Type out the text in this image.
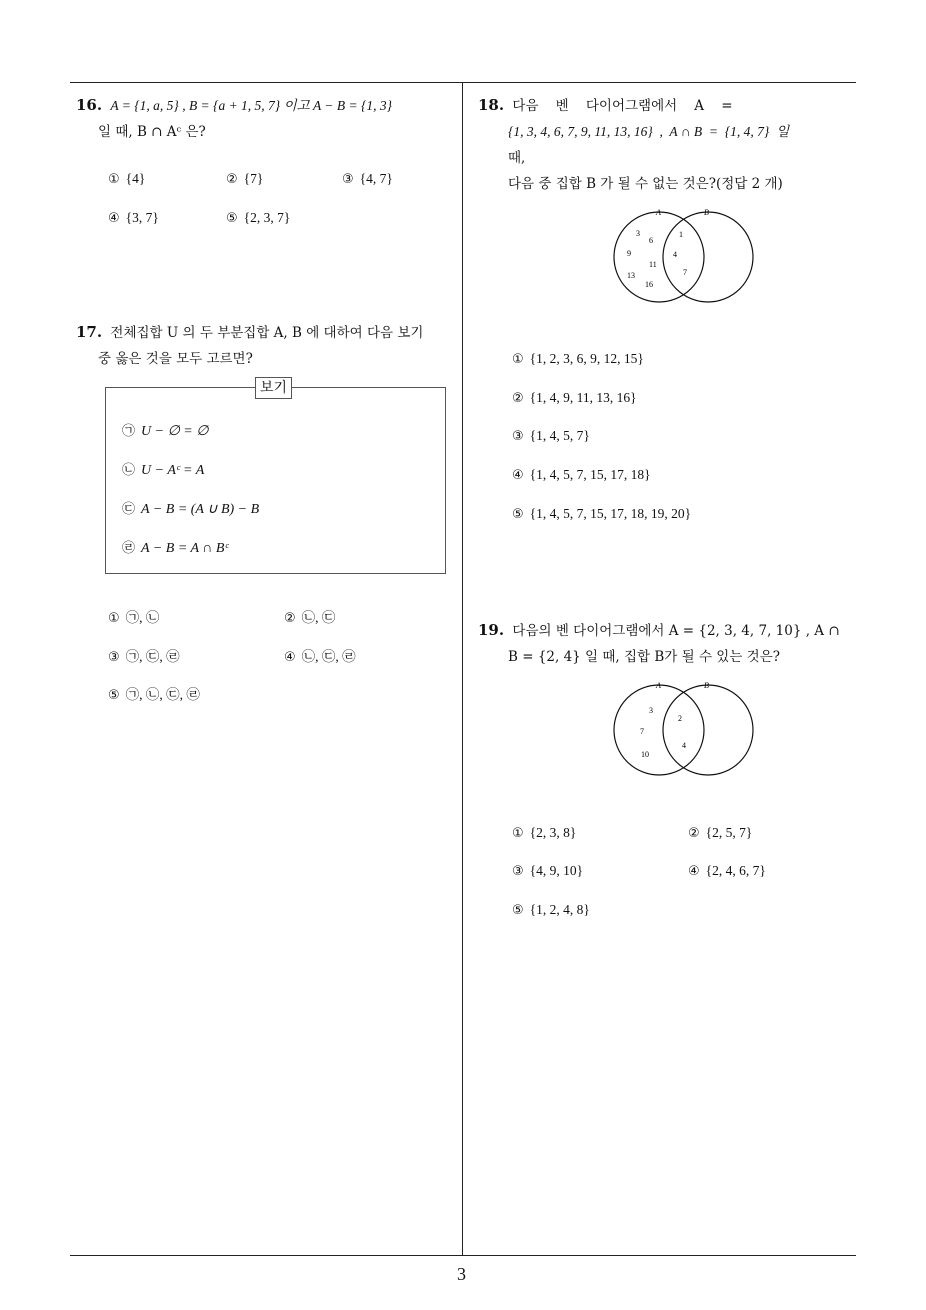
3
16. A = {1, a, 5} , B = {a + 1, 5, 7} 이고 A − B = {1, 3}
일 때, B ∩ Aᶜ 은?
① {4}	② {7}	③ {4, 7}
④ {3, 7}	⑤ {2, 3, 7}
17. 전체집합 U 의 두 부분집합 A, B 에 대하여 다음 보기
중 옳은 것을 모두 고르면?
보기
㉠ U − ∅ = ∅
㉡ U − Aᶜ = A
㉢ A − B = (A ∪ B) − B
㉣ A − B = A ∩ Bᶜ
① ㉠, ㉡	② ㉡, ㉢
③ ㉠, ㉢, ㉣	④ ㉡, ㉢, ㉣
⑤ ㉠, ㉡, ㉢, ㉣
18. 다음    벤    다이어그램에서    A    =
{1, 3, 4, 6, 7, 9, 11, 13, 16}  ,  A ∩ B  =  {1, 4, 7}  일
때,
다음 중 집합 B 가 될 수 없는 것은?(정답 2 개)
A	B
3
6
9
11
13
16
1
4
7
① {1, 2, 3, 6, 9, 12, 15}
② {1, 4, 9, 11, 13, 16}
③ {1, 4, 5, 7}
④ {1, 4, 5, 7, 15, 17, 18}
⑤ {1, 4, 5, 7, 15, 17, 18, 19, 20}
19. 다음의 벤 다이어그램에서 A = {2, 3, 4, 7, 10} , A ∩
B = {2, 4} 일 때, 집합 B가 될 수 있는 것은?
A	B
3
7
10
2
4
① {2, 3, 8}	② {2, 5, 7}
③ {4, 9, 10}	④ {2, 4, 6, 7}
⑤ {1, 2, 4, 8}
